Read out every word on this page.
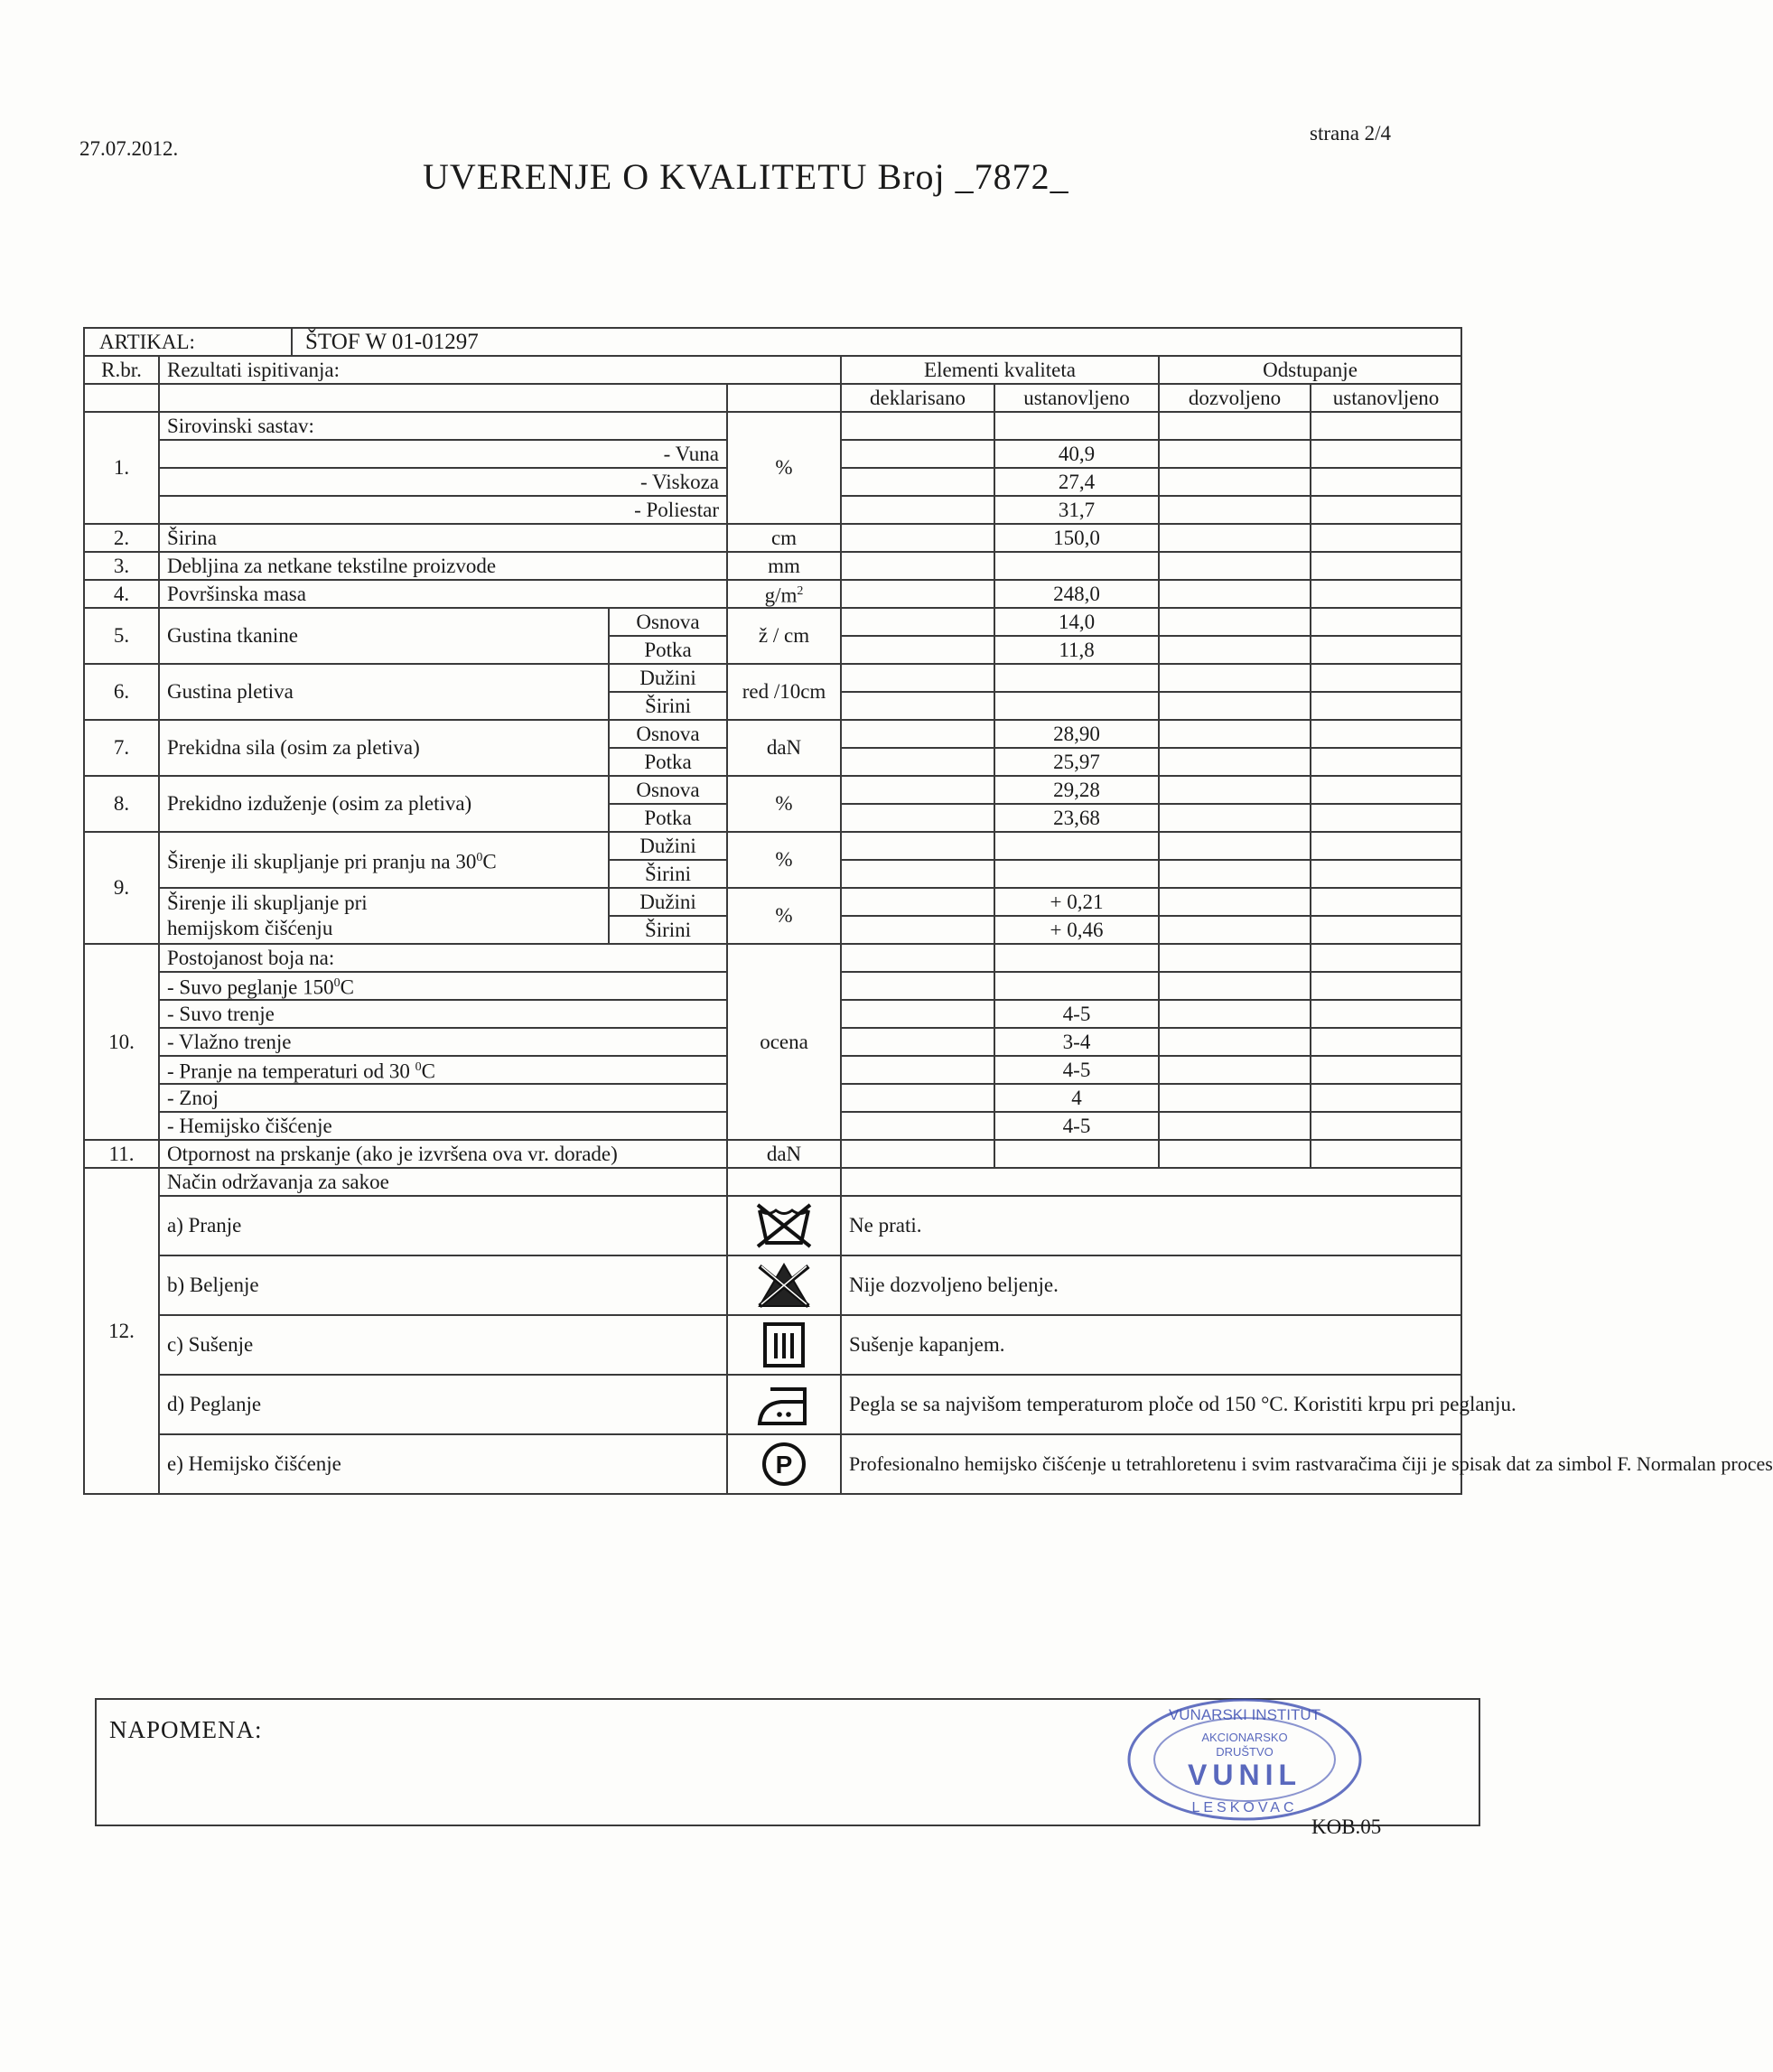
27.07.2012.
strana 2/4
UVERENJE O KVALITETU Broj _7872_
ARTIKAL: ŠTOF W 01-01297							

R.br.	Rezultati ispitivanja:			Elementi kvaliteta		Odstupanje	
				deklarisano	ustanovljeno	dozvoljeno	ustanovljeno
1.	Sirovinski sastav:		%				
	- Vuna				40,9		
	- Viskoza				27,4		
	- Poliestar				31,7		
2.	Širina		cm		150,0		
3.	Debljina za netkane tekstilne proizvode		mm				
4.	Površinska masa		$g/m^2$		248,0		
5.	Gustina tkanine	Osnova	ž / cm		14,0		
		Potka			11,8		
6.	Gustina pletiva	Dužini	red /10cm				
		Širini					
7.	Prekidna sila (osim za pletiva)	Osnova	daN		28,90		
		Potka			25,97		
8.	Prekidno izduženje (osim za pletiva)	Osnova	%		29,28		
		Potka			23,68		
9.	Širenje ili skupljanje pri pranju na $30^0C$	Dužini	%				
		Širini					
	Širenje ili skupljanje pri
hemijskom čišćenju	Dužini	%		+ 0,21		
		Širini			+ 0,46		
10.	Postojanost boja na:		ocena				
	- Suvo peglanje $150^0C$						
	- Suvo trenje				4-5		
	- Vlažno trenje				3-4		
	- Pranje na temperaturi od 30 $^0$C				4-5		
	- Znoj				4		
	- Hemijsko čišćenje				4-5		
11.	Otpornost na prskanje (ako je izvršena ova vr. dorade)		daN				
12.	Način održavanja za sakoe						
	a) Pranje			Ne prati.			
	b) Beljenje			Nije dozvoljeno beljenje.			
	c) Sušenje			Sušenje kapanjem.			
	d) Peglanje			Pegla se sa najvišom temperaturom ploče od 150 °C. Koristiti krpu pri peglanju.			
	e) Hemijsko čišćenje		P	Profesionalno hemijsko čišćenje u tetrahloretenu i svim rastvaračima čiji je spisak dat za simbol F. Normalan proces			
NAPOMENA:
VUNARSKI INSTITUT
AKCIONARSKO
DRUŠTVO
VUNIL
LESKOVAC
KOB.05
